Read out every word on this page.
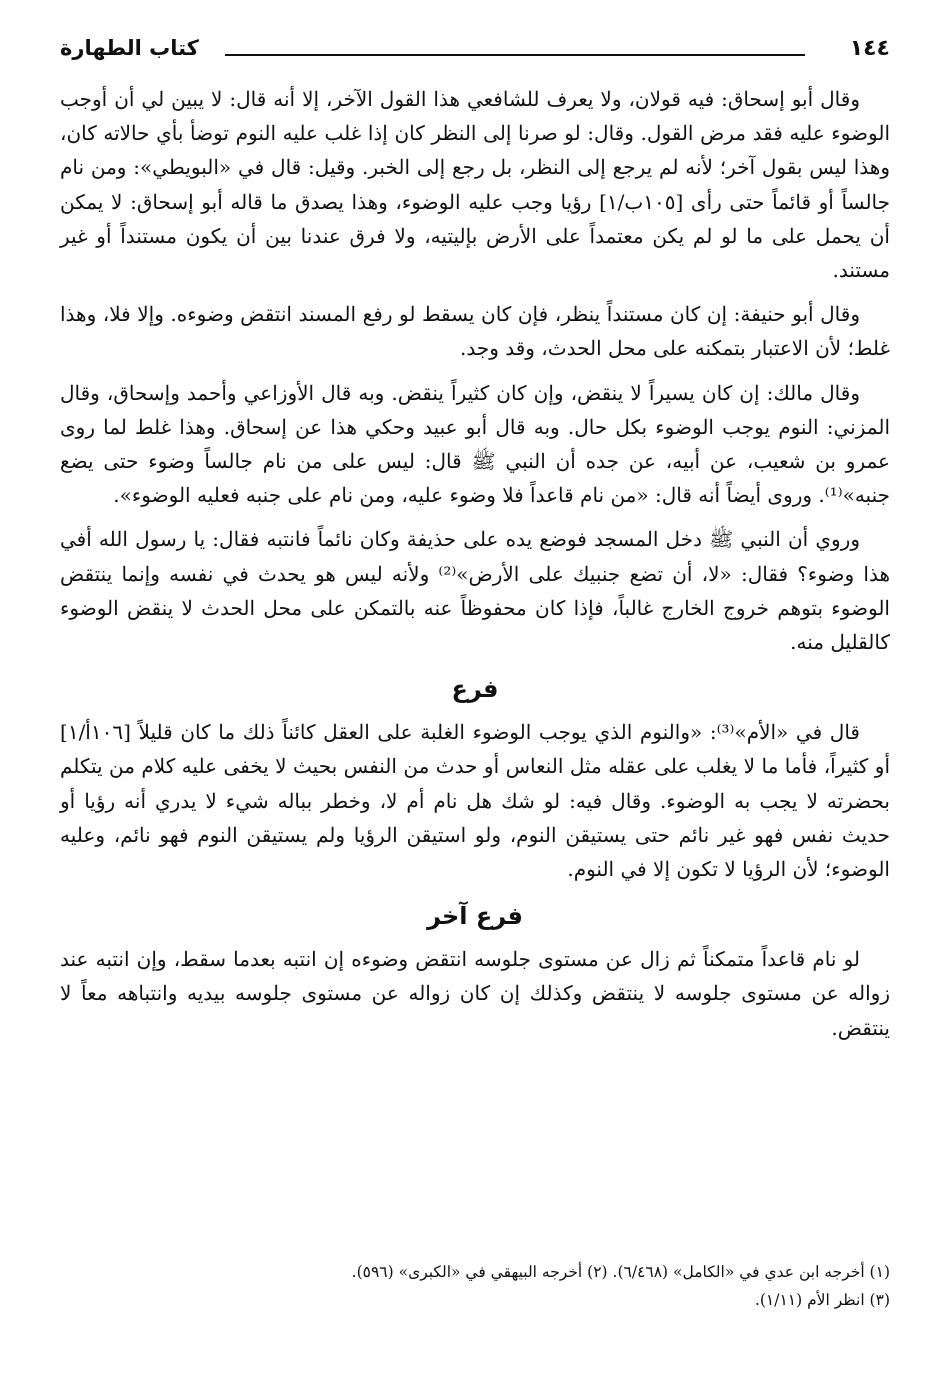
١٤٤
كتاب الطهارة

وقال أبو إسحاق: فيه قولان، ولا يعرف للشافعي هذا القول الآخر، إلا أنه قال: لا يبين لي أن أوجب الوضوء عليه فقد مرض القول. وقال: لو صرنا إلى النظر كان إذا غلب عليه النوم توضأ بأي حالاته كان، وهذا ليس بقول آخر؛ لأنه لم يرجع إلى النظر، بل رجع إلى الخبر. وقيل: قال في «البويطي»: ومن نام جالساً أو قائماً حتى رأى [١٠٥ب/١] رؤيا وجب عليه الوضوء، وهذا يصدق ما قاله أبو إسحاق: لا يمكن أن يحمل على ما لو لم يكن معتمداً على الأرض بإليتيه، ولا فرق عندنا بين أن يكون مستنداً أو غير مستند.

وقال أبو حنيفة: إن كان مستنداً ينظر، فإن كان يسقط لو رفع المسند انتقض وضوءه. وإلا فلا، وهذا غلط؛ لأن الاعتبار بتمكنه على محل الحدث، وقد وجد.

وقال مالك: إن كان يسيراً لا ينقض، وإن كان كثيراً ينقض. وبه قال الأوزاعي وأحمد وإسحاق، وقال المزني: النوم يوجب الوضوء بكل حال. وبه قال أبو عبيد وحكي هذا عن إسحاق. وهذا غلط لما روى عمرو بن شعيب، عن أبيه، عن جده أن النبي ﷺ قال: ليس على من نام جالساً وضوء حتى يضع جنبه»⁽¹⁾. وروى أيضاً أنه قال: «من نام قاعداً فلا وضوء عليه، ومن نام على جنبه فعليه الوضوء».

وروي أن النبي ﷺ دخل المسجد فوضع يده على حذيفة وكان نائماً فانتبه فقال: يا رسول الله أفي هذا وضوء؟ فقال: «لا، أن تضع جنبيك على الأرض»⁽²⁾ ولأنه ليس هو يحدث في نفسه وإنما ينتقض الوضوء بتوهم خروج الخارج غالباً، فإذا كان محفوظاً عنه بالتمكن على محل الحدث لا ينقض الوضوء كالقليل منه.

فرع

قال في «الأم»⁽³⁾: «والنوم الذي يوجب الوضوء الغلبة على العقل كائناً ذلك ما كان قليلاً [١٠٦أ/١] أو كثيراً، فأما ما لا يغلب على عقله مثل النعاس أو حدث من النفس بحيث لا يخفى عليه كلام من يتكلم بحضرته لا يجب به الوضوء. وقال فيه: لو شك هل نام أم لا، وخطر بباله شيء لا يدري أنه رؤيا أو حديث نفس فهو غير نائم حتى يستيقن النوم، ولو استيقن الرؤيا ولم يستيقن النوم فهو نائم، وعليه الوضوء؛ لأن الرؤيا لا تكون إلا في النوم.

فرع آخر

لو نام قاعداً متمكناً ثم زال عن مستوى جلوسه انتقض وضوءه إن انتبه بعدما سقط، وإن انتبه عند زواله عن مستوى جلوسه لا ينتقض وكذلك إن كان زواله عن مستوى جلوسه بيديه وانتباهه معاً لا ينتقض.

(١) أخرجه ابن عدي في «الكامل» (٦/٤٦٨). (٢) أخرجه البيهقي في «الكبرى» (٥٩٦).

(٣) انظر الأم (١/١١).
